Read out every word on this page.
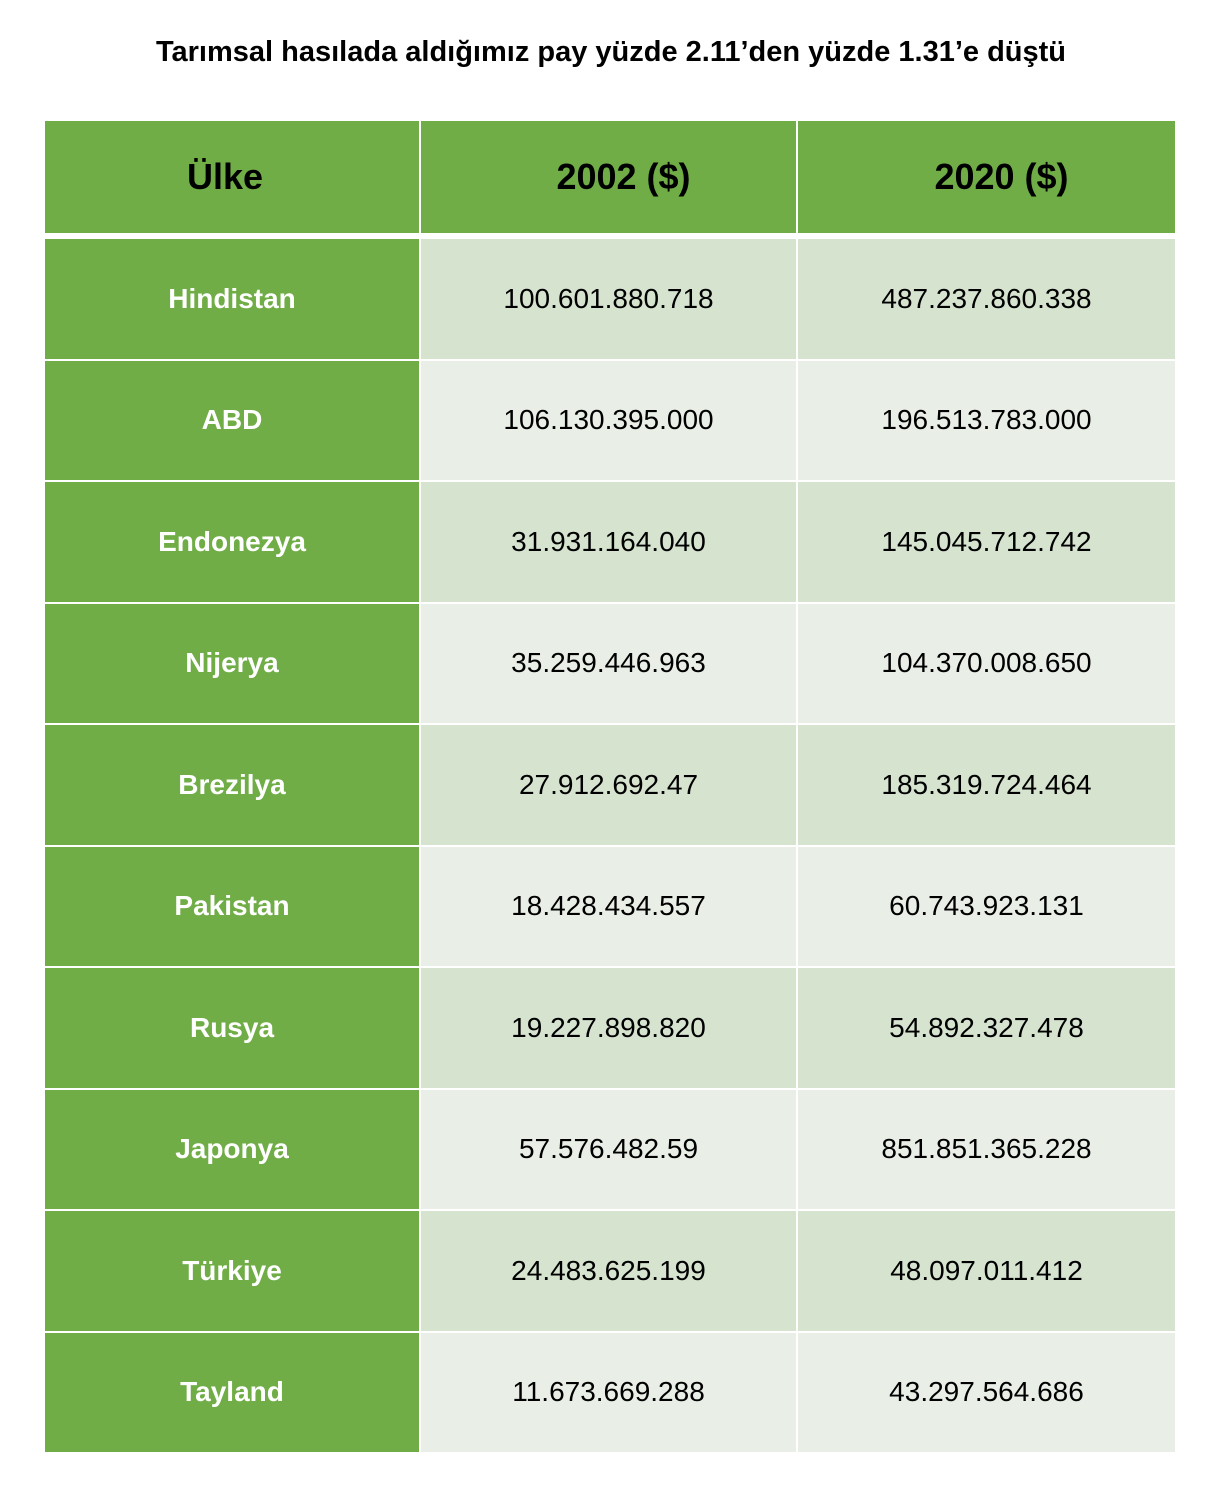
Tarımsal hasılada aldığımız pay yüzde 2.11’den yüzde 1.31’e düştü
Ülke	2002 ($)	2020 ($)
Hindistan	100.601.880.718	487.237.860.338
ABD	106.130.395.000	196.513.783.000
Endonezya	31.931.164.040	145.045.712.742
Nijerya	35.259.446.963	104.370.008.650
Brezilya	27.912.692.47	185.319.724.464
Pakistan	18.428.434.557	60.743.923.131
Rusya	19.227.898.820	54.892.327.478
Japonya	57.576.482.59	851.851.365.228
Türkiye	24.483.625.199	48.097.011.412
Tayland	11.673.669.288	43.297.564.686
